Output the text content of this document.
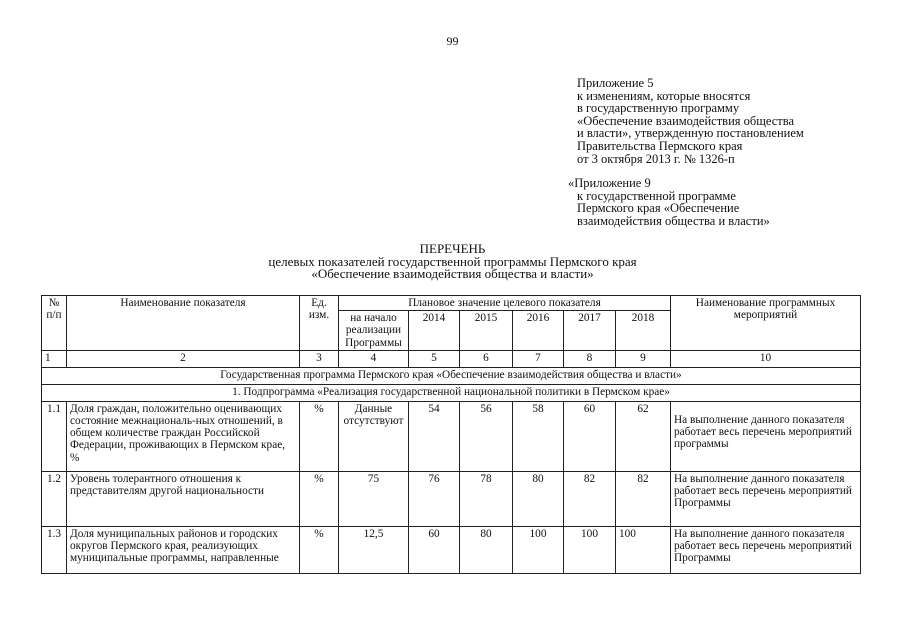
99
Приложение 5
к изменениям, которые вносятся
в государственную программу
«Обеспечение взаимодействия общества
и власти», утвержденную постановлением
Правительства Пермского края
от 3 октября 2013 г. № 1326-п
«Приложение 9
к государственной программе
Пермского края «Обеспечение
взаимодействия общества и власти»
ПЕРЕЧЕНЬ
целевых показателей государственной программы Пермского края
«Обеспечение взаимодействия общества и власти»
№ п/п	Наименование показателя	Ед. изм.	Плановое значение целевого показателя						Наименование программных мероприятий
			на начало реализации Программы	2014	2015	2016	2017	2018	
1	2	3	4	5	6	7	8	9	10
Государственная программа Пермского края «Обеспечение взаимодействия общества и власти»									
1. Подпрограмма «Реализация государственной национальной политики в Пермском крае»									
1.1	Доля граждан, положительно оценивающих состояние межнациональ-ных отношений, в общем количестве граждан Российской Федерации, проживающих в Пермском крае, %	%	Данные отсутствуют	54	56	58	60	62	На выполнение данного показателя работает весь перечень мероприятий программы
1.2	Уровень толерантного отношения к представителям другой национальности	%	75	76	78	80	82	82	На выполнение данного показателя работает весь перечень мероприятий Программы
1.3	Доля муниципальных районов и городских округов Пермского края, реализующих муниципальные программы, направленные	%	12,5	60	80	100	100	100	На выполнение данного показателя работает весь перечень мероприятий Программы
